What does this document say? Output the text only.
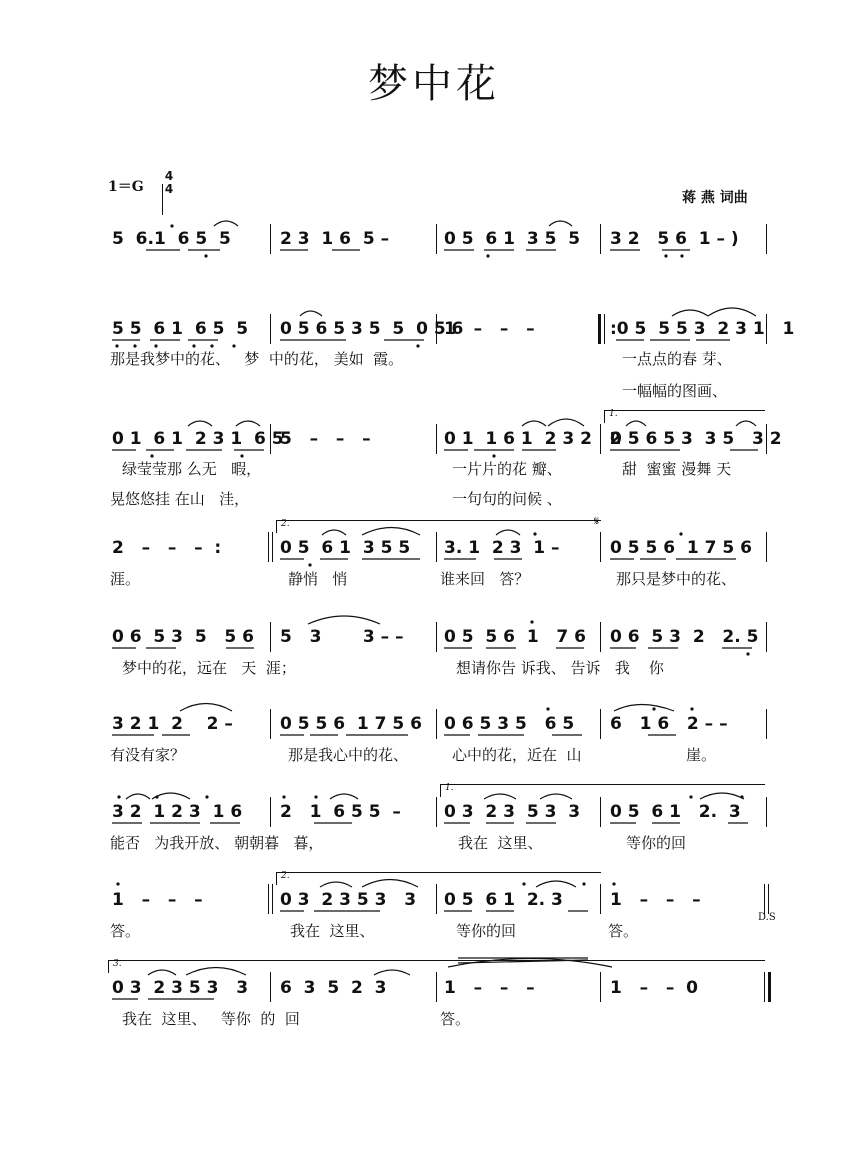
梦中花
1＝G
4
4
蒋 燕 词曲
5  6.1  6 5  5	2 3  1 6  5 –	0 5  6 1  3 5  5 3 2   5 6  1 – )
5 5  6 1  6 5  5 0 5 6 5 3 5  5  0 5 6
1   –   –   –	:0 5  5 5 3  2 3 1   1
那是我梦中的花、   梦  中的花， 美如  霞。	一点点的春 芽、
一幅幅的图画、
1.
0 1  6 1  2 3 1  6 5
5   –   –   –	0 1  1 6 1  2 3 2   2
0 5 6 5 3  3 5   3 2
绿莹莹那 么无   暇，	一片片的花 瓣、	甜  蜜蜜 漫舞 天
晃悠悠挂 在山   洼，	一句句的问候 、
2.	𝄋
2   –   –   –  :	0 5  6 1  3 5 5 3. 1  2 3  1 –	0 5 5 6  1 7 5 6
涯。	静悄   悄	谁来回   答？	那只是梦中的花、
0 6  5 3  5   5 6 5   3       3 – – 0 5  5 6  1   7 6 0 6  5 3  2   2. 5
梦中的花，远在   天  涯；	想请你告 诉我、 告诉   我    你
3 2 1  2    2 –	0 5 5 6  1 7 5 6 0 6 5 3 5   6 5 6   1 6   2 – –
有没有家？	那是我心中的花、	心中的花，近在  山	崖。
1.
3 2  1 2 3  1 6 2   1  6 5 5  –	0 3  2 3  5 3  3 0 5  6 1   2.  3
能否   为我开放、 朝朝暮   暮，	我在  这里、	等你的回
2.
1   –   –   –	0 3  2 3 5 3   3 0 5  6 1  2. 3	1   –   –   –
D.S
答。	我在  这里、	等你的回	答。
3.
0 3  2 3 5 3   3 6  3  5  2  3	1   –   –   –	1   –   –  0
我在  这里、   等你  的  回	答。
